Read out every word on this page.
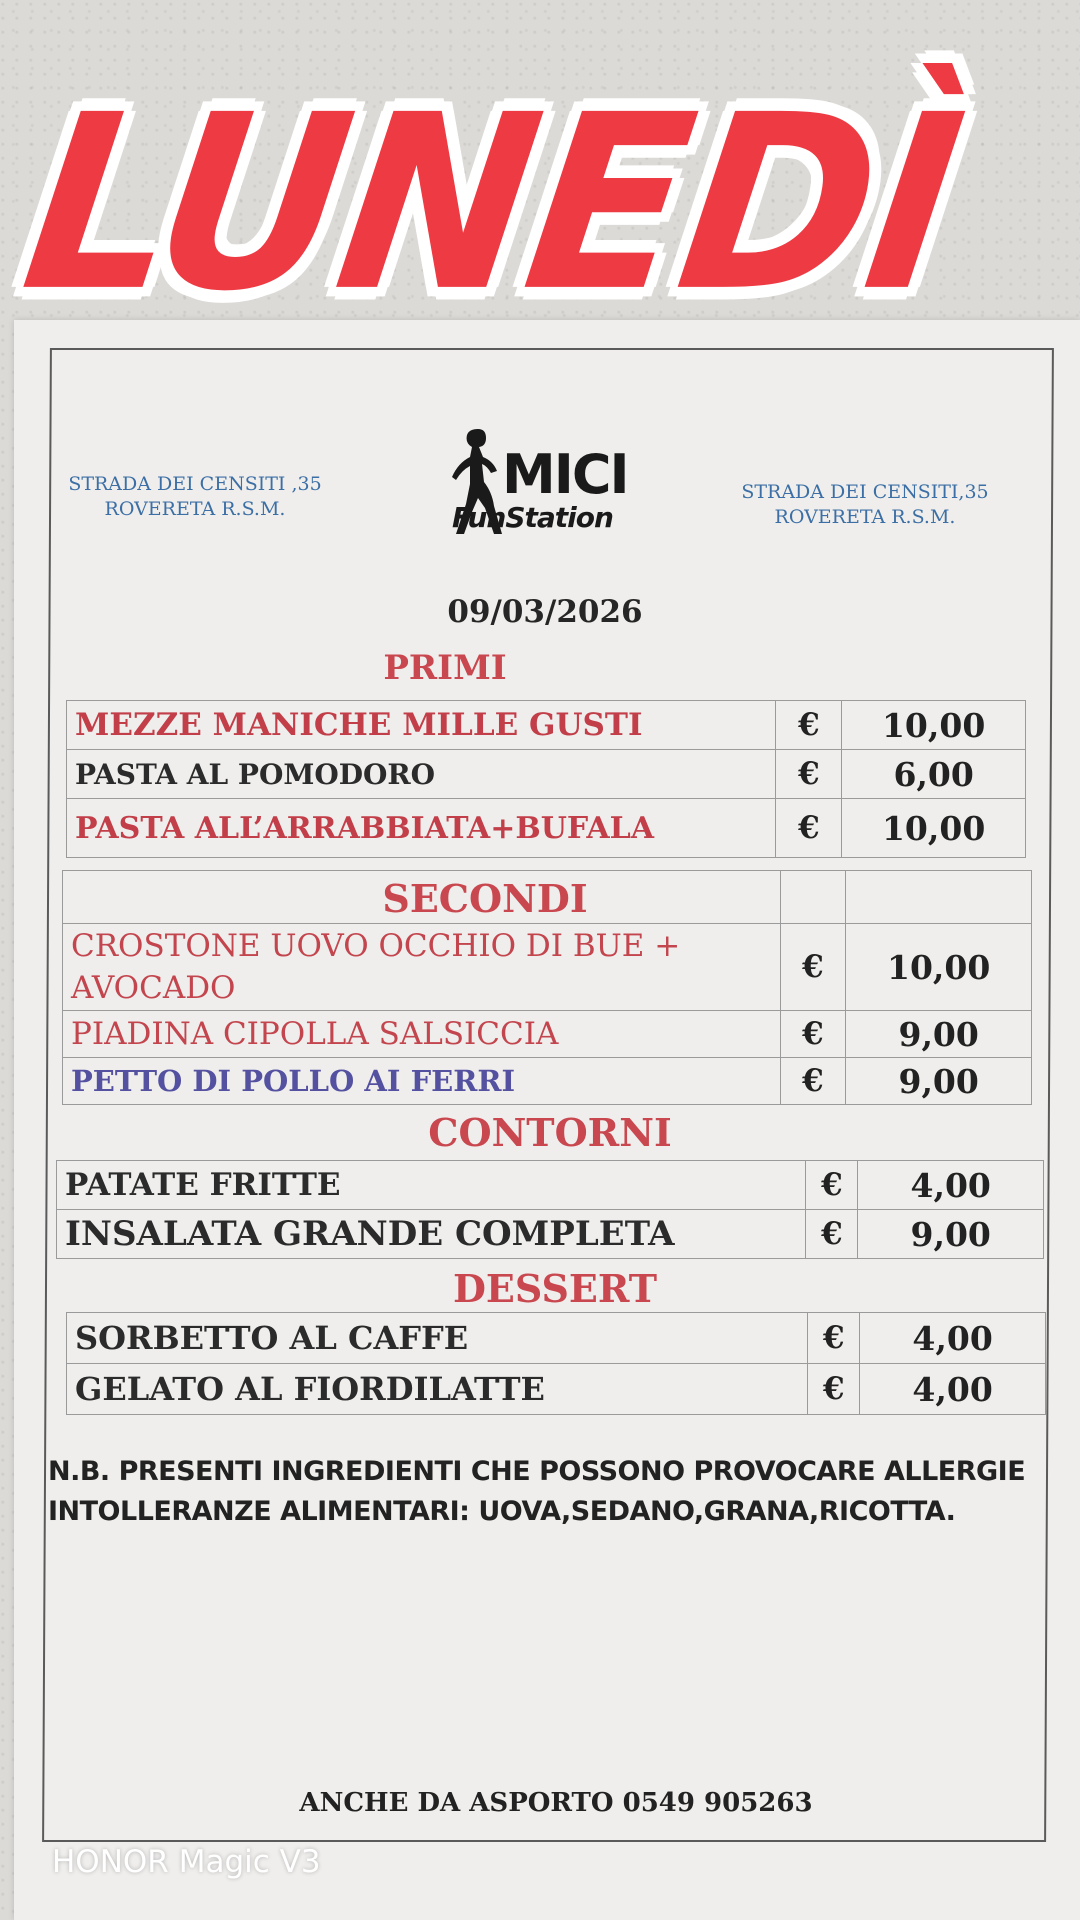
LUNEDÌ
STRADA DEI CENSITI ,35
ROVERETA R.S.M.
MICI
FunStation
STRADA DEI CENSITI,35
ROVERETA R.S.M.
09/03/2026
PRIMI
MEZZE MANICHE MILLE GUSTI	€	10,00
PASTA AL POMODORO	€	6,00
PASTA ALL’ARRABBIATA+BUFALA	€	10,00
SECONDI

CROSTONE UOVO OCCHIO DI BUE +
AVOCADO	€	10,00
PIADINA CIPOLLA SALSICCIA	€	9,00
PETTO DI POLLO AI FERRI	€	9,00
CONTORNI
PATATE FRITTE	€	4,00
INSALATA GRANDE COMPLETA	€	9,00
DESSERT
SORBETTO AL CAFFE	€	4,00
GELATO AL FIORDILATTE	€	4,00
N.B. PRESENTI INGREDIENTI CHE POSSONO PROVOCARE ALLERGIE
INTOLLERANZE ALIMENTARI: UOVA,SEDANO,GRANA,RICOTTA.
ANCHE DA ASPORTO 0549 905263
HONOR Magic V3
